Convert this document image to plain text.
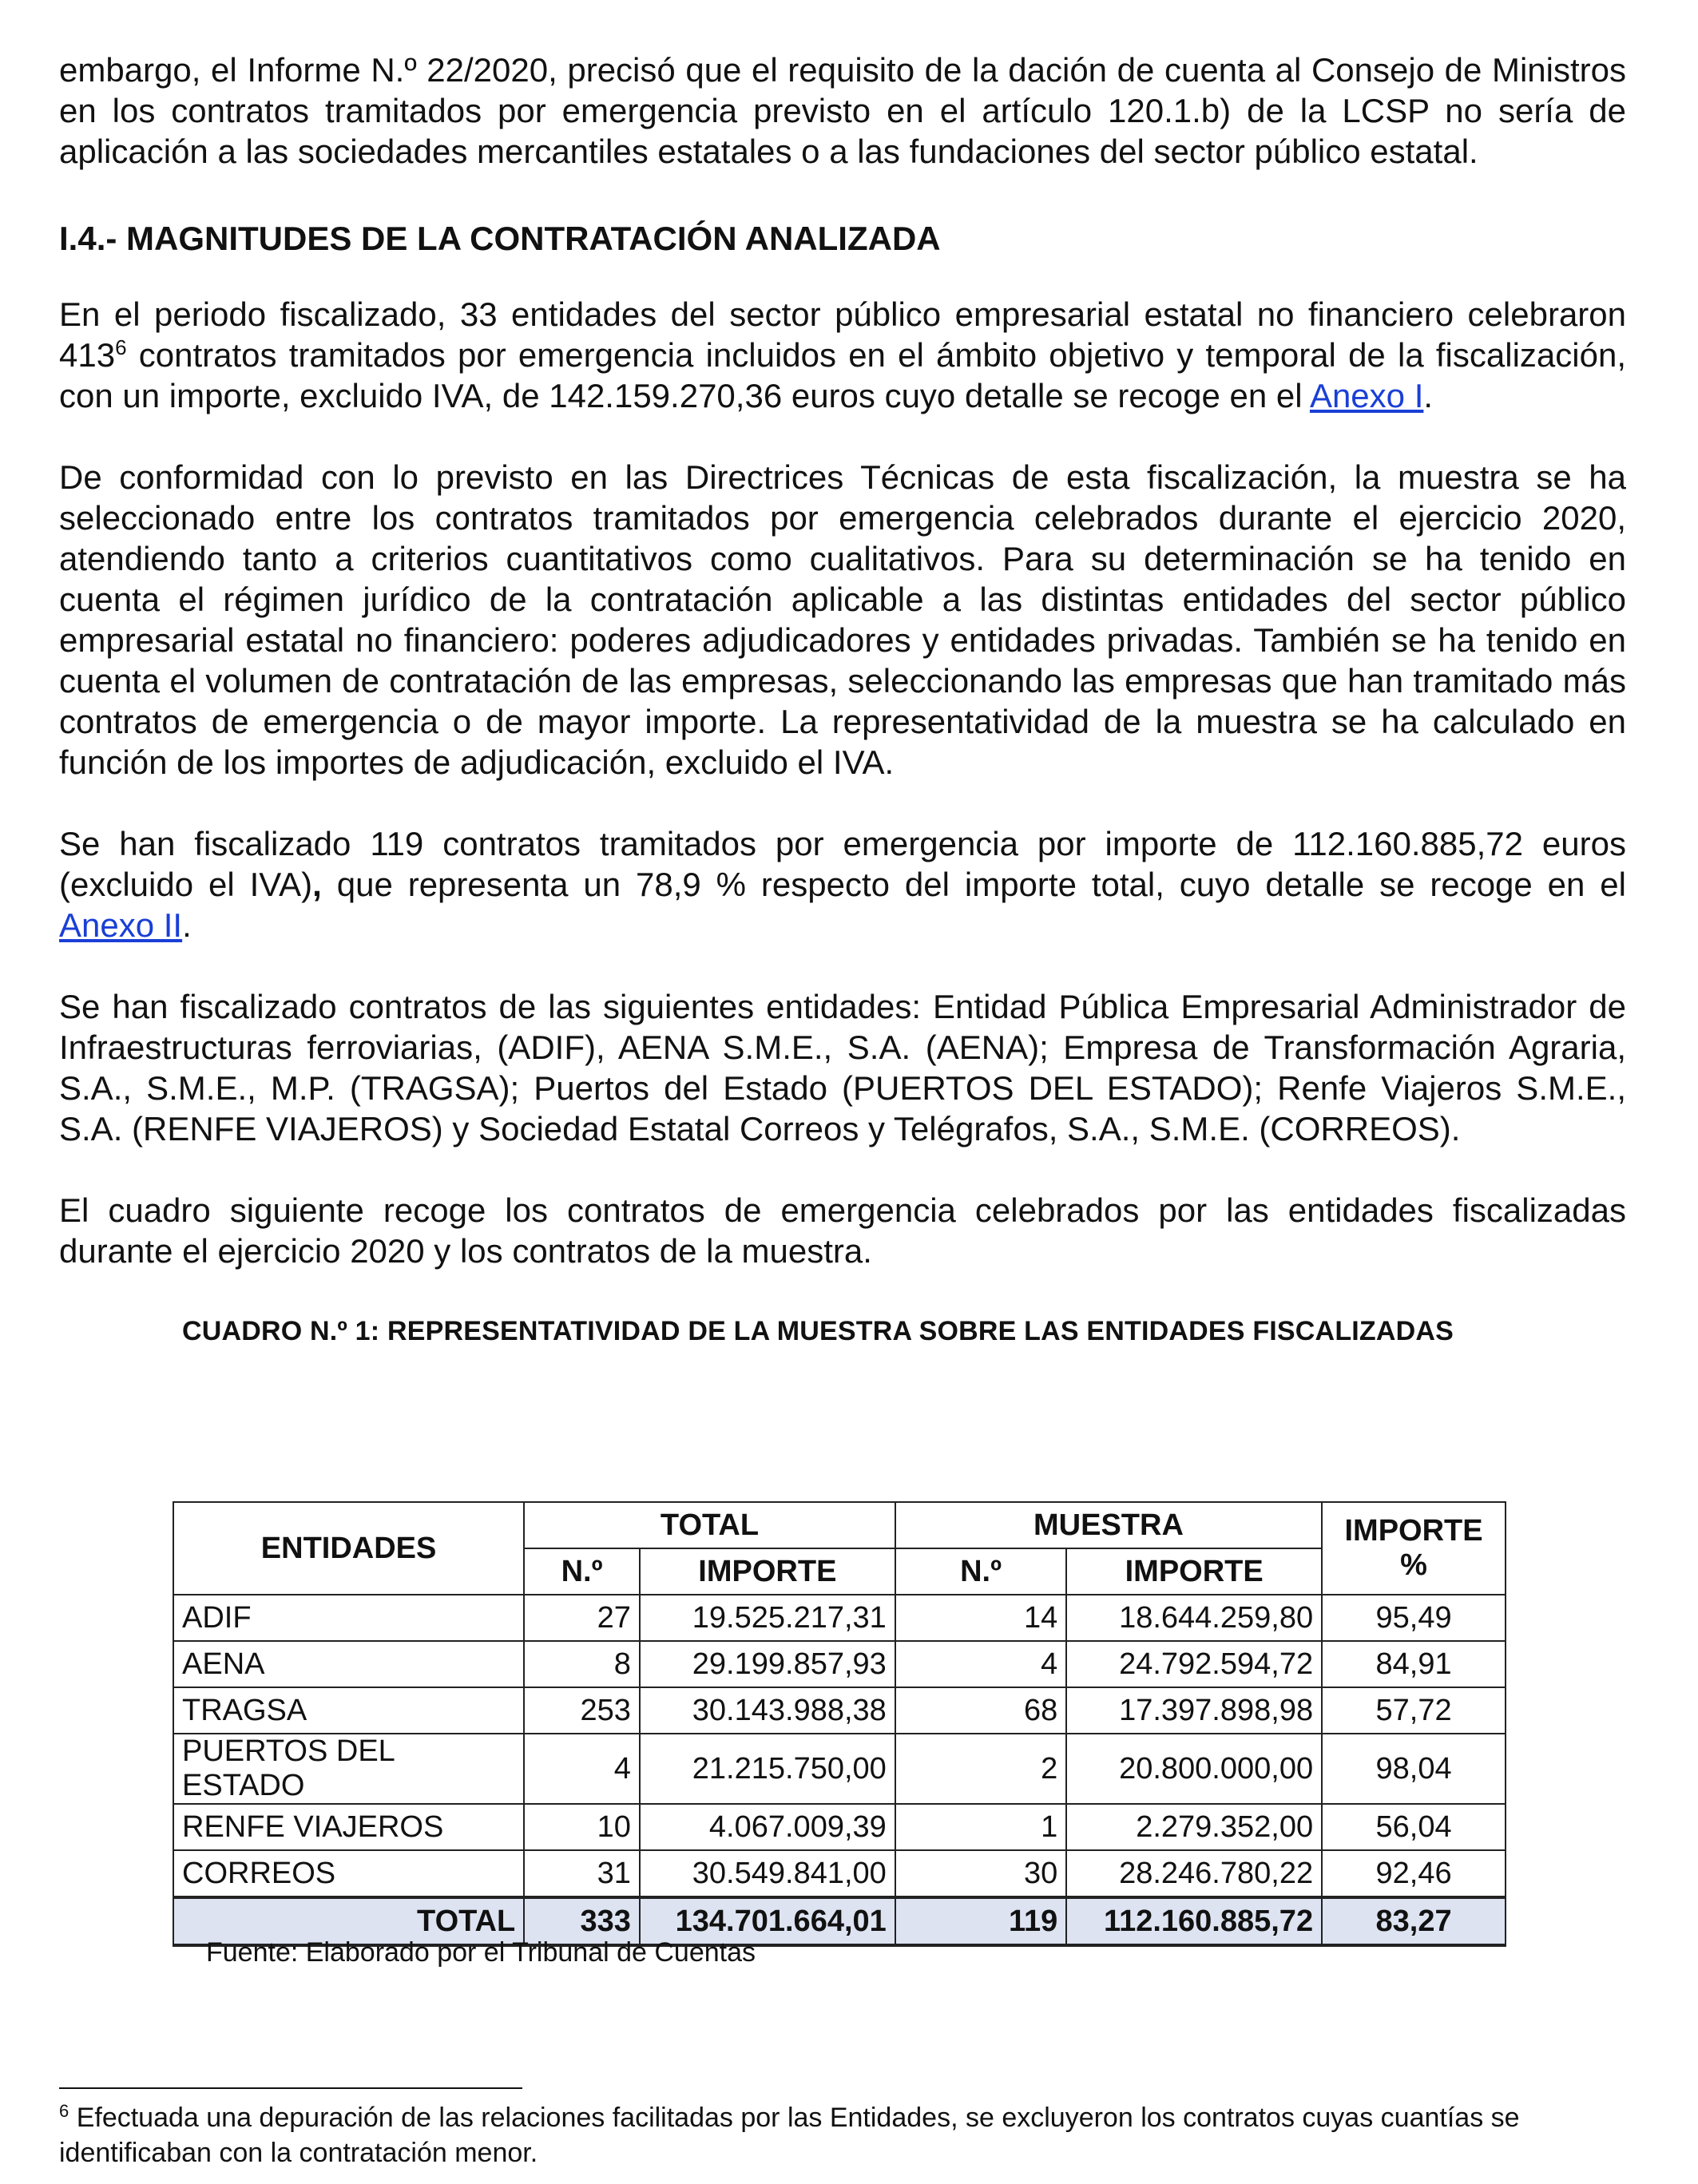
embargo, el Informe N.º 22/2020, precisó que el requisito de la dación de cuenta al Consejo de Ministros en los contratos tramitados por emergencia previsto en el artículo 120.1.b) de la LCSP no sería de aplicación a las sociedades mercantiles estatales o a las fundaciones del sector público estatal.

I.4.- MAGNITUDES DE LA CONTRATACIÓN ANALIZADA

En el periodo fiscalizado, 33 entidades del sector público empresarial estatal no financiero celebraron $413^6$ contratos tramitados por emergencia incluidos en el ámbito objetivo y temporal de la fiscalización, con un importe, excluido IVA, de 142.159.270,36 euros cuyo detalle se recoge en el Anexo I.

De conformidad con lo previsto en las Directrices Técnicas de esta fiscalización, la muestra se ha seleccionado entre los contratos tramitados por emergencia celebrados durante el ejercicio 2020, atendiendo tanto a criterios cuantitativos como cualitativos. Para su determinación se ha tenido en cuenta el régimen jurídico de la contratación aplicable a las distintas entidades del sector público empresarial estatal no financiero: poderes adjudicadores y entidades privadas. También se ha tenido en cuenta el volumen de contratación de las empresas, seleccionando las empresas que han tramitado más contratos de emergencia o de mayor importe. La representatividad de la muestra se ha calculado en función de los importes de adjudicación, excluido el IVA.

Se han fiscalizado 119 contratos tramitados por emergencia por importe de 112.160.885,72 euros (excluido el IVA), que representa un 78,9 % respecto del importe total, cuyo detalle se recoge en el Anexo II.

Se han fiscalizado contratos de las siguientes entidades: Entidad Pública Empresarial Administrador de Infraestructuras ferroviarias, (ADIF), AENA S.M.E., S.A. (AENA); Empresa de Transformación Agraria, S.A., S.M.E., M.P. (TRAGSA); Puertos del Estado (PUERTOS DEL ESTADO); Renfe Viajeros S.M.E., S.A. (RENFE VIAJEROS) y Sociedad Estatal Correos y Telégrafos, S.A., S.M.E. (CORREOS).

El cuadro siguiente recoge los contratos de emergencia celebrados por las entidades fiscalizadas durante el ejercicio 2020 y los contratos de la muestra.

CUADRO N.º 1: REPRESENTATIVIDAD DE LA MUESTRA SOBRE LAS ENTIDADES FISCALIZADAS
ENTIDADES	TOTAL		MUESTRA		IMPORTE
%
	N.º	IMPORTE	N.º	IMPORTE	
ADIF	27	19.525.217,31	14	18.644.259,80	95,49
AENA	8	29.199.857,93	4	24.792.594,72	84,91
TRAGSA	253	30.143.988,38	68	17.397.898,98	57,72
PUERTOS DEL ESTADO	4	21.215.750,00	2	20.800.000,00	98,04
RENFE VIAJEROS	10	4.067.009,39	1	2.279.352,00	56,04
CORREOS	31	30.549.841,00	30	28.246.780,22	92,46
TOTAL	333	134.701.664,01	119	112.160.885,72	83,27
Fuente: Elaborado por el Tribunal de Cuentas
$^6$ Efectuada una depuración de las relaciones facilitadas por las Entidades, se excluyeron los contratos cuyas cuantías se identificaban con la contratación menor.
